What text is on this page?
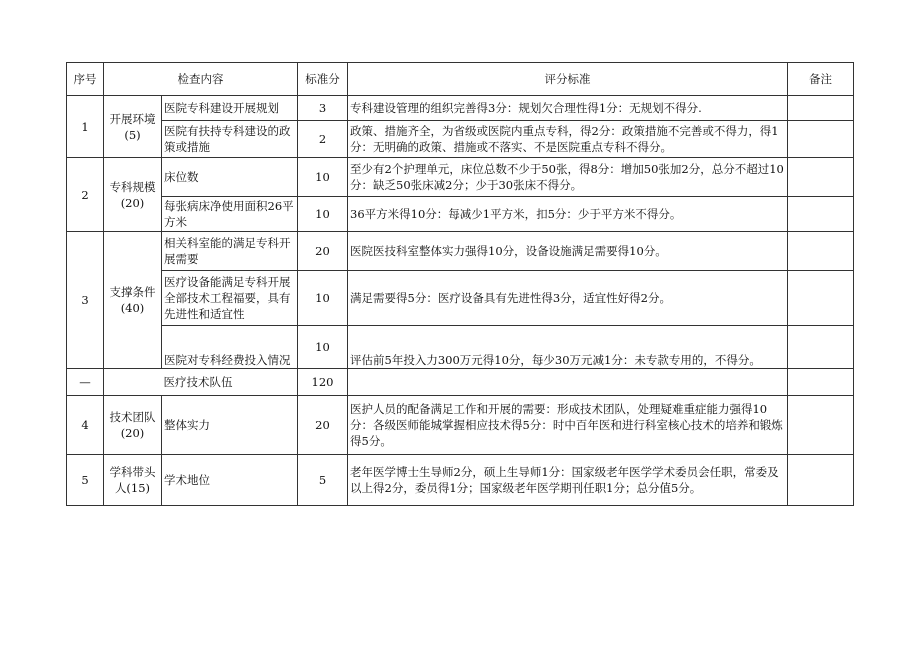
序号	检查内容		标准分	评分标准	备注
1	开展环境(5)	医院专科建设开展规划	3	专科建设管理的组织完善得3分：规划欠合理性得1分：无规划不得分.	
		医院有扶持专科建设的政策或措施	2	政策、措施齐全，为省级或医院内重点专科，得2分：政策措施不完善或不得力，得1分：无明确的政策、措施或不落实、不是医院重点专科不得分。	
2	专科规模(20)	床位数	10	至少有2个护理单元，床位总数不少于50张，得8分：增加50张加2分，总分不超过10分：缺乏50张床减2分；少于30张床不得分。	
		每张病床净使用面积26平方米	10	36平方米得10分：每减少1平方米，扣5分：少于平方米不得分。	
3	支撑条件(40)	相关科室能的满足专科开展需要	20	医院医技科室整体实力强得10分，设备设施满足需要得10分。	
		医疗设备能满足专科开展全部技术工程福要，具有先进性和适宜性	10	满足需要得5分：医疗设备具有先进性得3分，适宜性好得2分。	
		医院对专科经费投入情况	10	评估前5年投入力300万元得10分，每少30万元减1分：未专款专用的，不得分。	
—		医疗技术队伍	120		
4	技术团队(20)	整体实力	20	医护人员的配备满足工作和开展的需要：形成技术团队，处理疑难重症能力强得10分：各级医师能城掌握相应技术得5分：时中百年医和进行科室核心技术的培养和锻炼得5分。	
5	学科带头人(15)	学术地位	5	老年医学博士生导师2分，硕上生导师1分：国家级老年医学学术委员会任职，常委及以上得2分，委员得1分；国家级老年医学期刊任职1分；总分值5分。	
